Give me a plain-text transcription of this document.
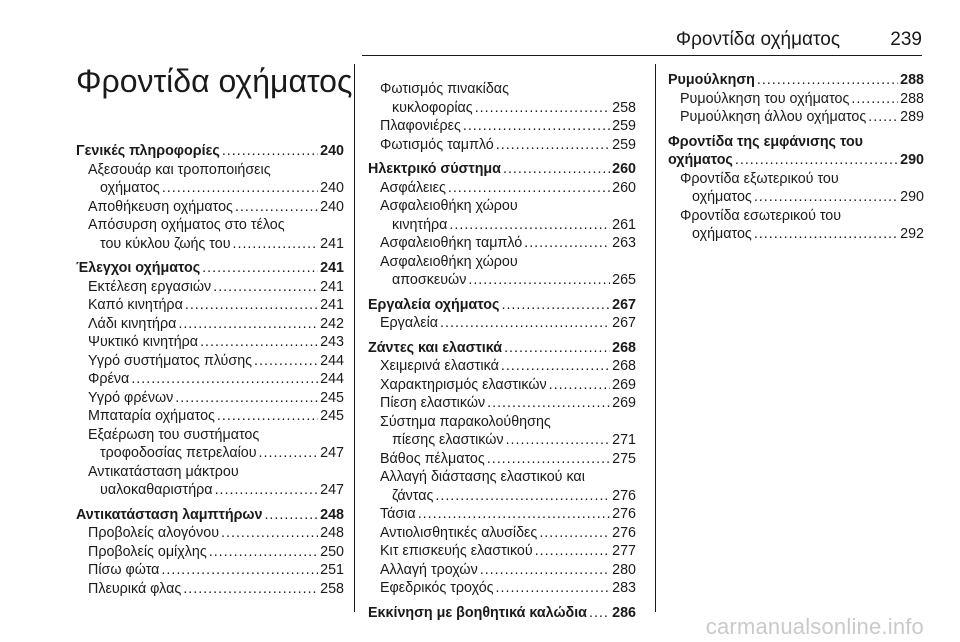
Φροντίδα οχήματος	239
Φροντίδα οχήματος
Γενικές πληροφορίες .....	240
Αξεσουάρ και τροποποιήσεις
οχήματος .....	240
Αποθήκευση οχήματος .....	240
Απόσυρση οχήματος στο τέλος
του κύκλου ζωής του .....	241
Έλεγχοι οχήματος .....	241
Εκτέλεση εργασιών .....	241
Καπό κινητήρα .....	241
Λάδι κινητήρα .....	242
Ψυκτικό κινητήρα .....	243
Υγρό συστήματος πλύσης .....	244
Φρένα .....	244
Υγρό φρένων .....	245
Μπαταρία οχήματος .....	245
Εξαέρωση του συστήματος
τροφοδοσίας πετρελαίου .....	247
Αντικατάσταση μάκτρου
υαλοκαθαριστήρα .....	247
Αντικατάσταση λαμπτήρων .....	248
Προβολείς αλογόνου .....	248
Προβολείς ομίχλης .....	250
Πίσω φώτα .....	251
Πλευρικά φλας .....	258
Φωτισμός πινακίδας
κυκλοφορίας .....	258
Πλαφονιέρες .....	259
Φωτισμός ταμπλό .....	259
Ηλεκτρικό σύστημα .....	260
Ασφάλειες .....	260
Ασφαλειοθήκη χώρου
κινητήρα .....	261
Ασφαλειοθήκη ταμπλό .....	263
Ασφαλειοθήκη χώρου
αποσκευών .....	265
Εργαλεία οχήματος .....	267
Εργαλεία .....	267
Ζάντες και ελαστικά .....	268
Χειμερινά ελαστικά .....	268
Χαρακτηρισμός ελαστικών .....	269
Πίεση ελαστικών .....	269
Σύστημα παρακολούθησης
πίεσης ελαστικών .....	271
Βάθος πέλματος .....	275
Αλλαγή διάστασης ελαστικού και
ζάντας .....	276
Τάσια .....	276
Αντιολισθητικές αλυσίδες .....	276
Κιτ επισκευής ελαστικού .....	277
Αλλαγή τροχών .....	280
Εφεδρικός τροχός .....	283
Εκκίνηση με βοηθητικά καλώδια ..... 286
Ρυμούλκηση .....	288
Ρυμούλκηση του οχήματος .....	288
Ρυμούλκηση άλλου οχήματος ..... 289
Φροντίδα της εμφάνισης του
οχήματος .....	290
Φροντίδα εξωτερικού του
οχήματος .....	290
Φροντίδα εσωτερικού του
οχήματος .....	292
carmanualsonline.info
